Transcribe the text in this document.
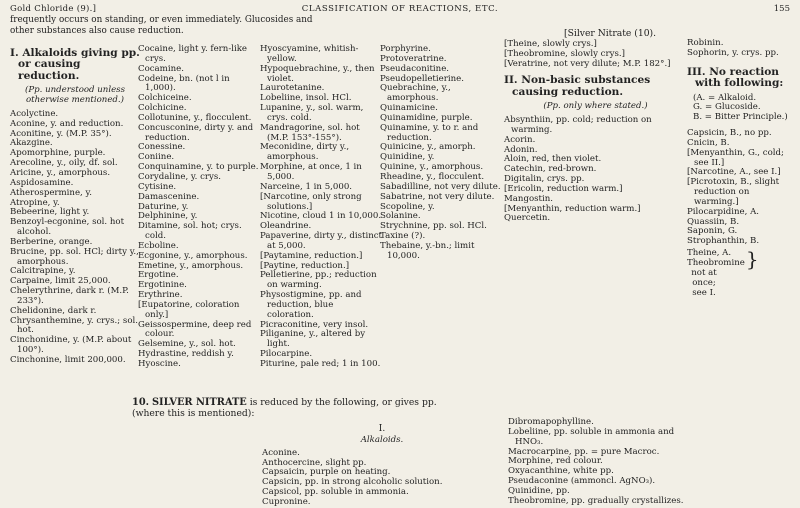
Gold Chloride (9).]	CLASSIFICATION OF REACTIONS, ETC.	155
frequently occurs on standing, or even immediately. Glucosides and
other substances also cause reduction.
I. Alkaloids giving pp. or causing reduction.
(Pp. understood unless otherwise mentioned.)

Acolyctine.

Aconine, y. and reduction.

Aconitine, y. (M.P. 35°).

Akazgine.

Apomorphine, purple.

Arecoline, y., oily, df. sol.

Aricine, y., amorphous.

Aspidosamine.

Atherospermine, y.

Atropine, y.

Bebeerine, light y.

Benzoyl-ecgonine, sol. hot alcohol.

Berberine, orange.

Brucine, pp. sol. HCl; dirty y., amorphous.

Calcitrapine, y.

Carpaine, limit 25,000.

Chelerythrine, dark r. (M.P. 233°).

Chelidonine, dark r.

Chrysanthemine, y. crys.; sol. hot.

Cinchonidine, y. (M.P. about 100°).

Cinchonine, limit 200,000.

Cocaine, light y. fern-like crys.

Cocamine.

Codeine, bn. (not l in 1,000).

Colchiceine.

Colchicine.

Collotunine, y., flocculent.

Concusconine, dirty y. and reduction.

Conessine.

Coniine.

Conquinamine, y. to purple.

Corydaline, y. crys.

Cytisine.

Damascenine.

Daturine, y.

Delphinine, y.

Ditamine, sol. hot; crys. cold.

Ecboline.

Ecgonine, y., amorphous.

Emetine, y., amorphous.

Ergotine.

Ergotinine.

Erythrine.

[Eupatorine, coloration only.]

Geissospermine, deep red colour.

Gelsemine, y., sol. hot.

Hydrastine, reddish y.

Hyoscine.

Hyoscyamine, whitish-yellow.

Hypoquebrachine, y., then violet.

Laurotetanine.

Lobeliine, insol. HCl.

Lupanine, y., sol. warm, crys. cold.

Mandragorine, sol. hot (M.P. 153°-155°).

Meconidine, dirty y., amorphous.

Morphine, at once, 1 in 5,000.

Narceine, 1 in 5,000.

[Narcotine, only strong solutions.]

Nicotine, cloud 1 in 10,000.

Oleandrine.

Papaverine, dirty y., distinct at 5,000.

[Paytamine, reduction.]

[Paytine, reduction.]

Pelletierine, pp.; reduction on warming.

Physostigmine, pp. and reduction, blue coloration.

Picraconitine, very insol.

Piliganine, y., altered by light.

Pilocarpine.

Piturine, pale red; 1 in 100.

Porphyrine.

Protoveratrine.

Pseudaconitine.

Pseudopelletierine.

Quebrachine, y., amorphous.

Quinamicine.

Quinamidine, purple.

Quinamine, y. to r. and reduction.

Quinicine, y., amorph.

Quinidine, y.

Quinine, y., amorphous.

Rheadine, y., flocculent.

Sabadilline, not very dilute.

Sabatrine, not very dilute.

Scopoline, y.

Solanine.

Strychnine, pp. sol. HCl.

Taxine (?).

Thebaine, y.-bn.; limit 10,000.

[Silver Nitrate (10).

[Theine, slowly crys.]

[Theobromine, slowly crys.]

[Veratrine, not very dilute; M.P. 182°.]

II. Non-basic substances causing reduction.
(Pp. only where stated.)

Absynthiin, pp. cold; reduction on warming.

Acorin.

Adonin.

Aloin, red, then violet.

Catechin, red-brown.

Digitalin, crys. pp.

[Ericolin, reduction warm.]

Mangostin.

[Menyanthin, reduction warm.]

Quercetin.

Robinin.

Sophorin, y. crys. pp.

III. No reaction with following:

(A. = Alkaloid.

G. = Glucoside.

B. = Bitter Principle.)

Capsicin, B., no pp.

Cnicin, B.

[Menyanthin, G., cold; see II.]

[Narcotine, A., see I.]

[Picrotoxin, B., slight reduction on warming.]

Pilocarpidine, A.

Quassiin, B.

Saponin, G.

Strophanthin, B.

Theine, A.
Theobromine }not at once; see I.
10. SILVER NITRATE is reduced by the following, or gives pp.
(where this is mentioned):
I.
Alkaloids.

Aconine.

Anthocercine, slight pp.

Capsaicin, purple on heating.

Capsicin, pp. in strong alcoholic solution.

Capsicol, pp. soluble in ammonia.

Cupronine.

Dibromapophylline.

Lobeliine, pp. soluble in ammonia and HNO₃.

Macrocarpine, pp. = pure Macroc.

Morphine, red colour.

Oxyacanthine, white pp.

Pseudaconine (ammoncl. AgNO₃).

Quinidine, pp.

Theobromine, pp. gradually crystallizes.
